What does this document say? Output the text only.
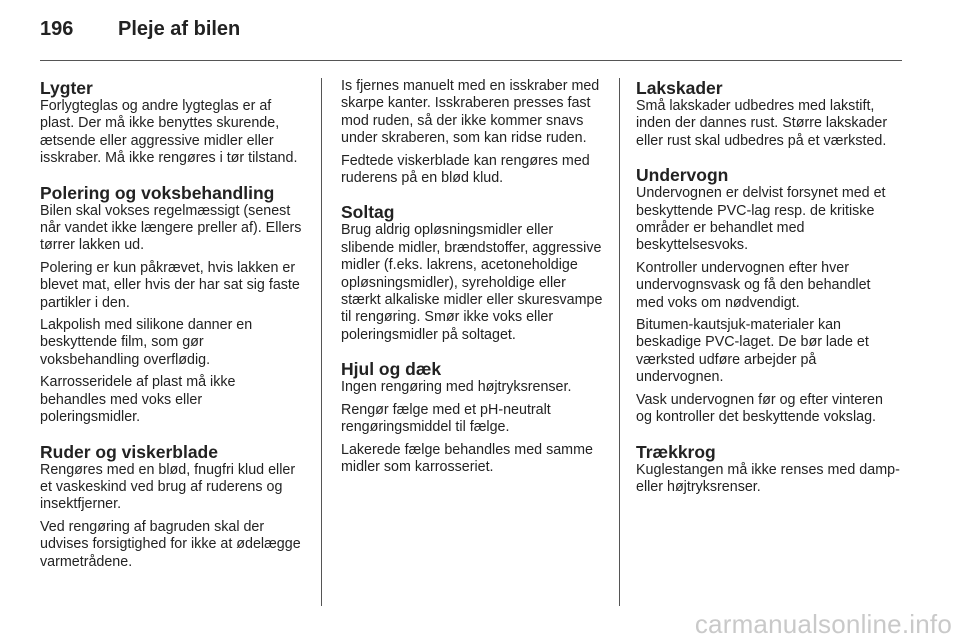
196	Pleje af bilen
Lygter

Forlygteglas og andre lygteglas er af plast. Der må ikke benyttes skurende, ætsende eller aggressive midler eller isskraber. Må ikke rengøres i tør tilstand.

Polering og voksbehandling

Bilen skal vokses regelmæssigt (senest når vandet ikke længere preller af). Ellers tørrer lakken ud.

Polering er kun påkrævet, hvis lakken er blevet mat, eller hvis der har sat sig faste partikler i den.

Lakpolish med silikone danner en beskyttende film, som gør voksbehandling overflødig.

Karrosseridele af plast må ikke behandles med voks eller poleringsmidler.

Ruder og viskerblade

Rengøres med en blød, fnugfri klud eller et vaskeskind ved brug af ruderens og insektfjerner.

Ved rengøring af bagruden skal der udvises forsigtighed for ikke at ødelægge varmetrådene.

Is fjernes manuelt med en isskraber med skarpe kanter. Isskraberen presses fast mod ruden, så der ikke kommer snavs under skraberen, som kan ridse ruden.

Fedtede viskerblade kan rengøres med ruderens på en blød klud.

Soltag

Brug aldrig opløsningsmidler eller slibende midler, brændstoffer, aggressive midler (f.eks. lakrens, acetoneholdige opløsningsmidler), syreholdige eller stærkt alkaliske midler eller skuresvampe til rengøring. Smør ikke voks eller poleringsmidler på soltaget.

Hjul og dæk

Ingen rengøring med højtryksrenser.

Rengør fælge med et pH-neutralt rengøringsmiddel til fælge.

Lakerede fælge behandles med samme midler som karrosseriet.

Lakskader

Små lakskader udbedres med lakstift, inden der dannes rust. Større lakskader eller rust skal udbedres på et værksted.

Undervogn

Undervognen er delvist forsynet med et beskyttende PVC-lag resp. de kritiske områder er behandlet med beskyttelsesvoks.

Kontroller undervognen efter hver undervognsvask og få den behandlet med voks om nødvendigt.

Bitumen-kautsjuk-materialer kan beskadige PVC-laget. De bør lade et værksted udføre arbejder på undervognen.

Vask undervognen før og efter vinteren og kontroller det beskyttende vokslag.

Trækkrog

Kuglestangen må ikke renses med damp- eller højtryksrenser.

carmanualsonline.info
